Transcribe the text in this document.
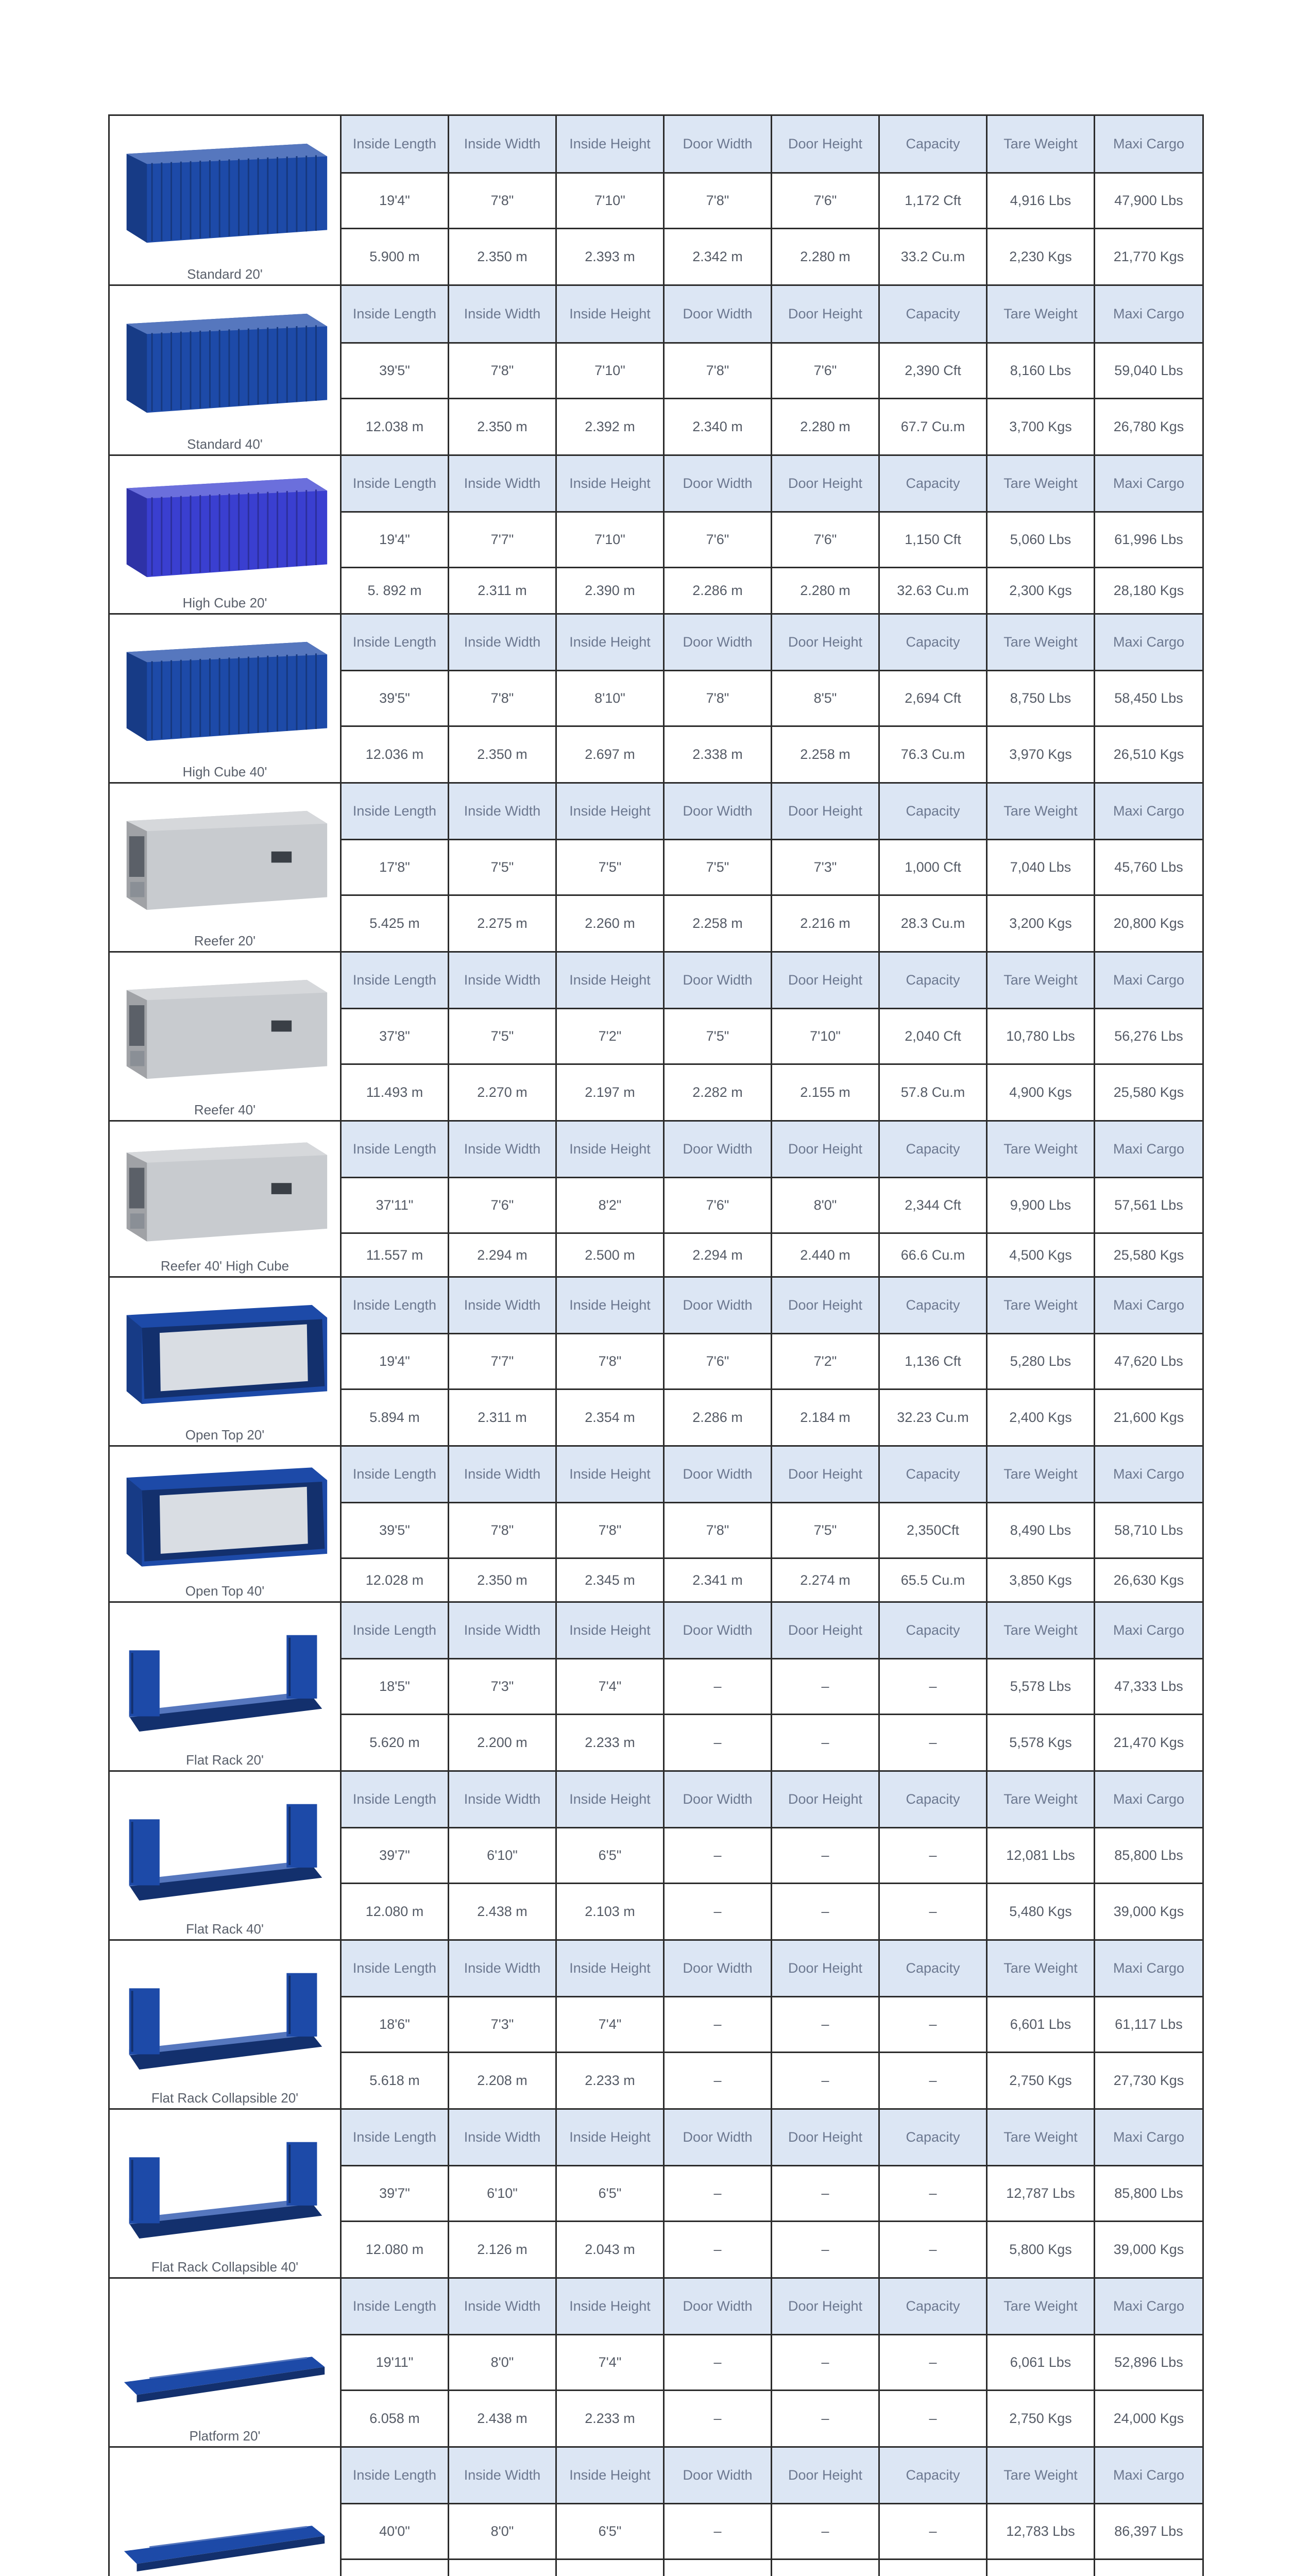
Standard 20'	Inside Length	Inside Width	Inside Height	Door Width	Door Height	Capacity	Tare Weight	Maxi Cargo
	19'4"	7'8"	7'10"	7'8"	7'6"	1,172 Cft	4,916 Lbs	47,900 Lbs
	5.900 m	2.350 m	2.393 m	2.342 m	2.280 m	33.2 Cu.m	2,230 Kgs	21,770 Kgs

Standard 40'	Inside Length	Inside Width	Inside Height	Door Width	Door Height	Capacity	Tare Weight	Maxi Cargo
	39'5"	7'8"	7'10"	7'8"	7'6"	2,390 Cft	8,160 Lbs	59,040 Lbs
	12.038 m	2.350 m	2.392 m	2.340 m	2.280 m	67.7 Cu.m	3,700 Kgs	26,780 Kgs

High Cube 20'	Inside Length	Inside Width	Inside Height	Door Width	Door Height	Capacity	Tare Weight	Maxi Cargo
	19'4"	7'7"	7'10"	7'6"	7'6"	1,150 Cft	5,060 Lbs	61,996 Lbs
	5. 892 m	2.311 m	2.390 m	2.286 m	2.280 m	32.63 Cu.m	2,300 Kgs	28,180 Kgs

High Cube 40'	Inside Length	Inside Width	Inside Height	Door Width	Door Height	Capacity	Tare Weight	Maxi Cargo
	39'5"	7'8"	8'10"	7'8"	8'5"	2,694 Cft	8,750 Lbs	58,450 Lbs
	12.036 m	2.350 m	2.697 m	2.338 m	2.258 m	76.3 Cu.m	3,970 Kgs	26,510 Kgs

Reefer 20'	Inside Length	Inside Width	Inside Height	Door Width	Door Height	Capacity	Tare Weight	Maxi Cargo
	17'8"	7'5"	7'5"	7'5"	7'3"	1,000 Cft	7,040 Lbs	45,760 Lbs
	5.425 m	2.275 m	2.260 m	2.258 m	2.216 m	28.3 Cu.m	3,200 Kgs	20,800 Kgs

Reefer 40'	Inside Length	Inside Width	Inside Height	Door Width	Door Height	Capacity	Tare Weight	Maxi Cargo
	37'8"	7'5"	7'2"	7'5"	7'10"	2,040 Cft	10,780 Lbs	56,276 Lbs
	11.493 m	2.270 m	2.197 m	2.282 m	2.155 m	57.8 Cu.m	4,900 Kgs	25,580 Kgs

Reefer 40' High Cube	Inside Length	Inside Width	Inside Height	Door Width	Door Height	Capacity	Tare Weight	Maxi Cargo
	37'11"	7'6"	8'2"	7'6"	8'0"	2,344 Cft	9,900 Lbs	57,561 Lbs
	11.557 m	2.294 m	2.500 m	2.294 m	2.440 m	66.6 Cu.m	4,500 Kgs	25,580 Kgs

Open Top 20'	Inside Length	Inside Width	Inside Height	Door Width	Door Height	Capacity	Tare Weight	Maxi Cargo
	19'4"	7'7"	7'8"	7'6"	7'2"	1,136 Cft	5,280 Lbs	47,620 Lbs
	5.894 m	2.311 m	2.354 m	2.286 m	2.184 m	32.23 Cu.m	2,400 Kgs	21,600 Kgs

Open Top 40'	Inside Length	Inside Width	Inside Height	Door Width	Door Height	Capacity	Tare Weight	Maxi Cargo
	39'5"	7'8"	7'8"	7'8"	7'5"	2,350Cft	8,490 Lbs	58,710 Lbs
	12.028 m	2.350 m	2.345 m	2.341 m	2.274 m	65.5 Cu.m	3,850 Kgs	26,630 Kgs

Flat Rack 20'	Inside Length	Inside Width	Inside Height	Door Width	Door Height	Capacity	Tare Weight	Maxi Cargo
	18'5"	7'3"	7'4"	–	–	–	5,578 Lbs	47,333 Lbs
	5.620 m	2.200 m	2.233 m	–	–	–	5,578 Kgs	21,470 Kgs

Flat Rack 40'	Inside Length	Inside Width	Inside Height	Door Width	Door Height	Capacity	Tare Weight	Maxi Cargo
	39'7"	6'10"	6'5"	–	–	–	12,081 Lbs	85,800 Lbs
	12.080 m	2.438 m	2.103 m	–	–	–	5,480 Kgs	39,000 Kgs

Flat Rack Collapsible 20'	Inside Length	Inside Width	Inside Height	Door Width	Door Height	Capacity	Tare Weight	Maxi Cargo
	18'6"	7'3"	7'4"	–	–	–	6,601 Lbs	61,117 Lbs
	5.618 m	2.208 m	2.233 m	–	–	–	2,750 Kgs	27,730 Kgs

Flat Rack Collapsible 40'	Inside Length	Inside Width	Inside Height	Door Width	Door Height	Capacity	Tare Weight	Maxi Cargo
	39'7"	6'10"	6'5"	–	–	–	12,787 Lbs	85,800 Lbs
	12.080 m	2.126 m	2.043 m	–	–	–	5,800 Kgs	39,000 Kgs

Platform 20'	Inside Length	Inside Width	Inside Height	Door Width	Door Height	Capacity	Tare Weight	Maxi Cargo
	19'11"	8'0"	7'4"	–	–	–	6,061 Lbs	52,896 Lbs
	6.058 m	2.438 m	2.233 m	–	–	–	2,750 Kgs	24,000 Kgs

	Inside Length	Inside Width	Inside Height	Door Width	Door Height	Capacity	Tare Weight	Maxi Cargo
	40'0"	8'0"	6'5"	–	–	–	12,783 Lbs	86,397 Lbs
